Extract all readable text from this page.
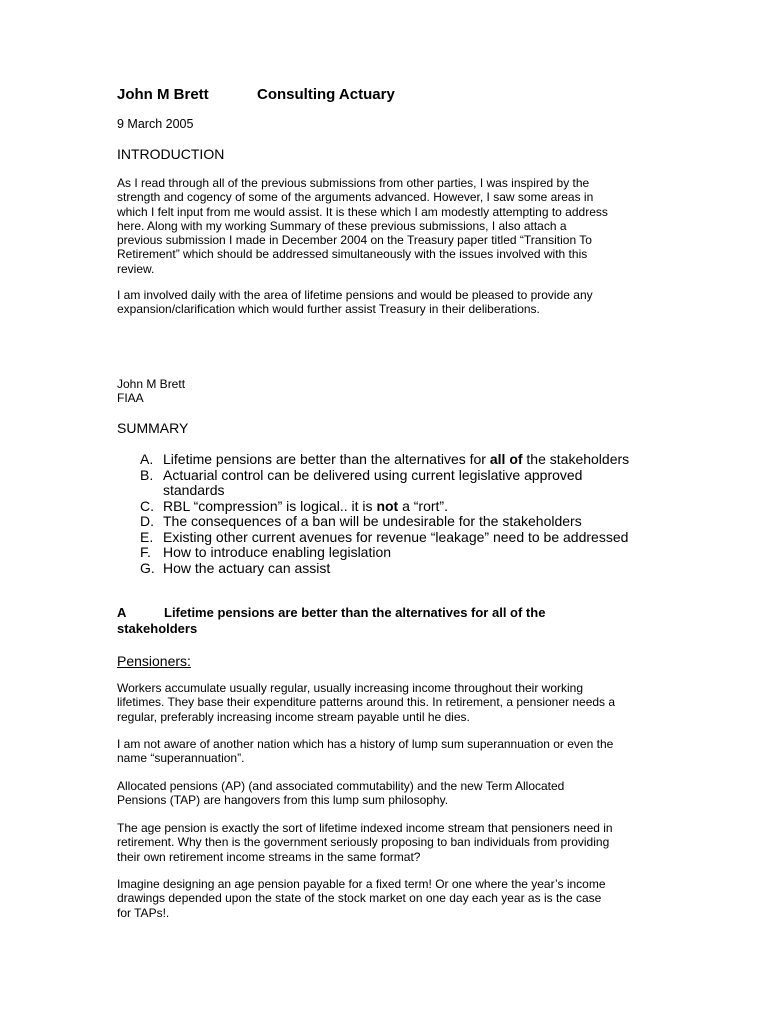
John M Brett	Consulting Actuary
9 March 2005
INTRODUCTION
As I read through all of the previous submissions from other parties, I was inspired by the
strength and cogency of some of the arguments advanced. However, I saw some areas in
which I felt input from me would assist. It is these which I am modestly attempting to address
here. Along with my working Summary of these previous submissions, I also attach a
previous submission I made in December 2004 on the Treasury paper titled “Transition To
Retirement” which should be addressed simultaneously with the issues involved with this
review.
I am involved daily with the area of lifetime pensions and would be pleased to provide any
expansion/clarification which would further assist Treasury in their deliberations.
John M Brett
FIAA
SUMMARY
A. Lifetime pensions are better than the alternatives for all of the stakeholders
B. Actuarial control can be delivered using current legislative approved
standards
C. RBL “compression” is logical.. it is not a “rort”.
D. The consequences of a ban will be undesirable for the stakeholders
E. Existing other current avenues for revenue “leakage” need to be addressed
F. How to introduce enabling legislation
G. How the actuary can assist
A	Lifetime pensions are better than the alternatives for all of the
stakeholders
Pensioners:
Workers accumulate usually regular, usually increasing income throughout their working
lifetimes. They base their expenditure patterns around this. In retirement, a pensioner needs a
regular, preferably increasing income stream payable until he dies.
I am not aware of another nation which has a history of lump sum superannuation or even the
name “superannuation”.
Allocated pensions (AP) (and associated commutability) and the new Term Allocated
Pensions (TAP) are hangovers from this lump sum philosophy.
The age pension is exactly the sort of lifetime indexed income stream that pensioners need in
retirement. Why then is the government seriously proposing to ban individuals from providing
their own retirement income streams in the same format?
Imagine designing an age pension payable for a fixed term! Or one where the year’s income
drawings depended upon the state of the stock market on one day each year as is the case
for TAPs!.
